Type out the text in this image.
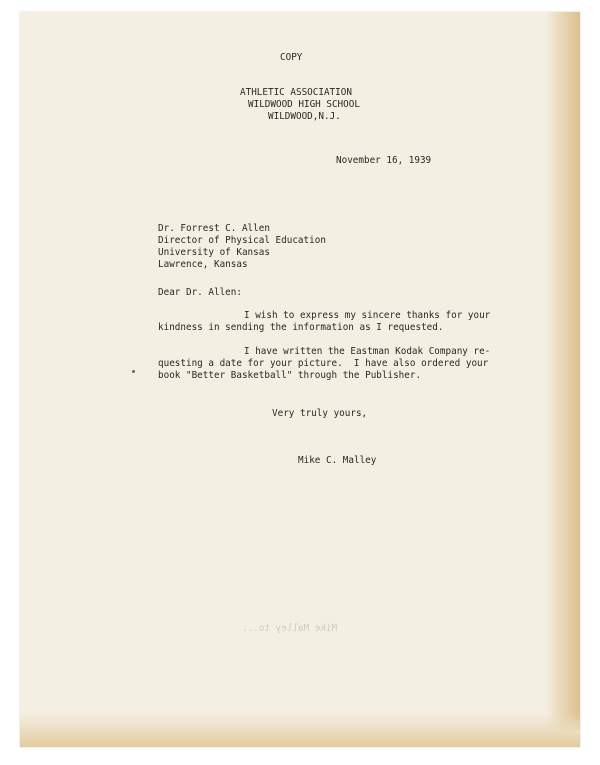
COPY

ATHLETIC ASSOCIATION

WILDWOOD HIGH SCHOOL

WILDWOOD,N.J.

November 16, 1939

Dr. Forrest C. Allen

Director of Physical Education

University of Kansas

Lawrence, Kansas

Dear Dr. Allen:

I wish to express my sincere thanks for your

kindness in sending the information as I requested.

I have written the Eastman Kodak Company re-

questing a date for your picture.  I have also ordered your

book "Better Basketball" through the Publisher.

Very truly yours,

Mike C. Malley

Mike Malley to...
